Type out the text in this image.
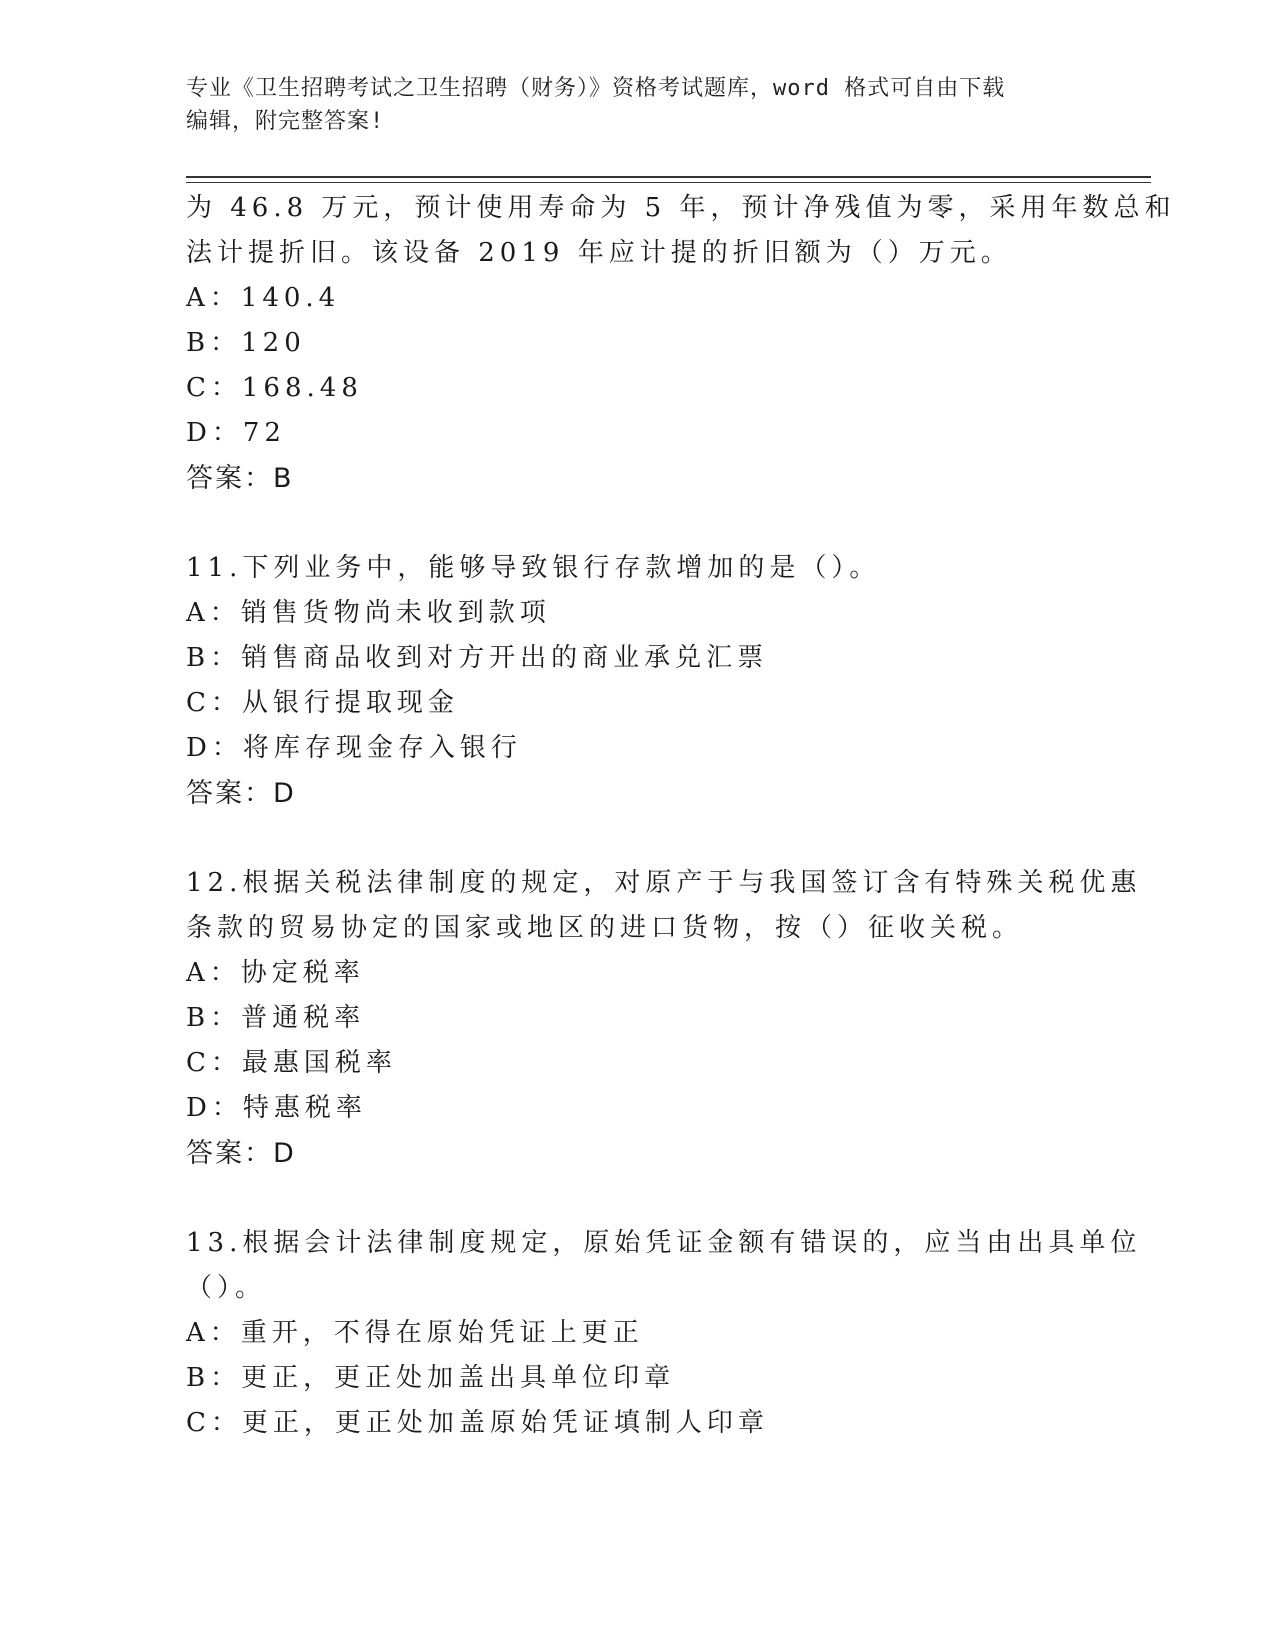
专业《卫生招聘考试之卫生招聘（财务）》资格考试题库，word 格式可自由下载
编辑，附完整答案!
为 46.8 万元，预计使用寿命为 5 年，预计净残值为零，采用年数总和
法计提折旧。该设备 2019 年应计提的折旧额为（）万元。
A：140.4
B：120
C：168.48
D：72
答案：B
11.下列业务中，能够导致银行存款增加的是（）。
A：销售货物尚未收到款项
B：销售商品收到对方开出的商业承兑汇票
C：从银行提取现金
D：将库存现金存入银行
答案：D
12.根据关税法律制度的规定，对原产于与我国签订含有特殊关税优惠
条款的贸易协定的国家或地区的进口货物，按（）征收关税。
A：协定税率
B：普通税率
C：最惠国税率
D：特惠税率
答案：D
13.根据会计法律制度规定，原始凭证金额有错误的，应当由出具单位
（）。
A：重开，不得在原始凭证上更正
B：更正，更正处加盖出具单位印章
C：更正，更正处加盖原始凭证填制人印章
